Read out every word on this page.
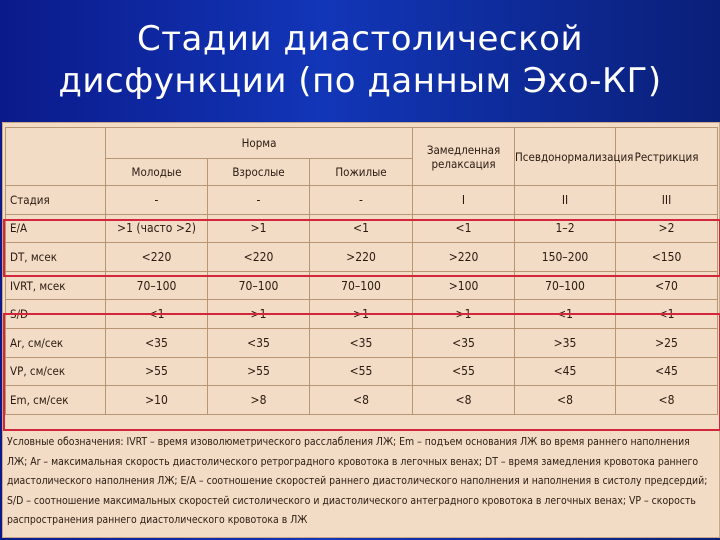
Стадии диастолической
дисфункции (по данным Эхо-КГ)
	Норма			Замедленная релаксация	Псевдонормализация	Рестрикция
	Молодые	Взрослые	Пожилые			
Стадия	-	-	-	I	II	III
E/A	>1 (часто >2)	>1	<1	<1	1–2	>2
DT, мсек	<220	<220	>220	>220	150–200	<150
IVRT, мсек	70–100	70–100	70–100	>100	70–100	<70
S/D	<1	>1	>1	>1	<1	<1
Ar, см/сек	<35	<35	<35	<35	>35	>25
VP, см/сек	>55	>55	<55	<55	<45	<45
Em, см/сек	>10	>8	<8	<8	<8	<8
Условные обозначения: IVRT – время изоволюметрического расслабления ЛЖ; Em – подъем основания ЛЖ во время раннего наполнения ЛЖ; Ar – максимальная скорость диастолического ретроградного кровотока в легочных венах; DT – время замедления кровотока раннего диастолического наполнения ЛЖ; E/A – соотношение скоростей раннего диастолического наполнения и наполнения в систолу предсердий; S/D – соотношение максимальных скоростей систолического и диастолического антеградного кровотока в легочных венах; VP – скорость распространения раннего диастолического кровотока в ЛЖ
